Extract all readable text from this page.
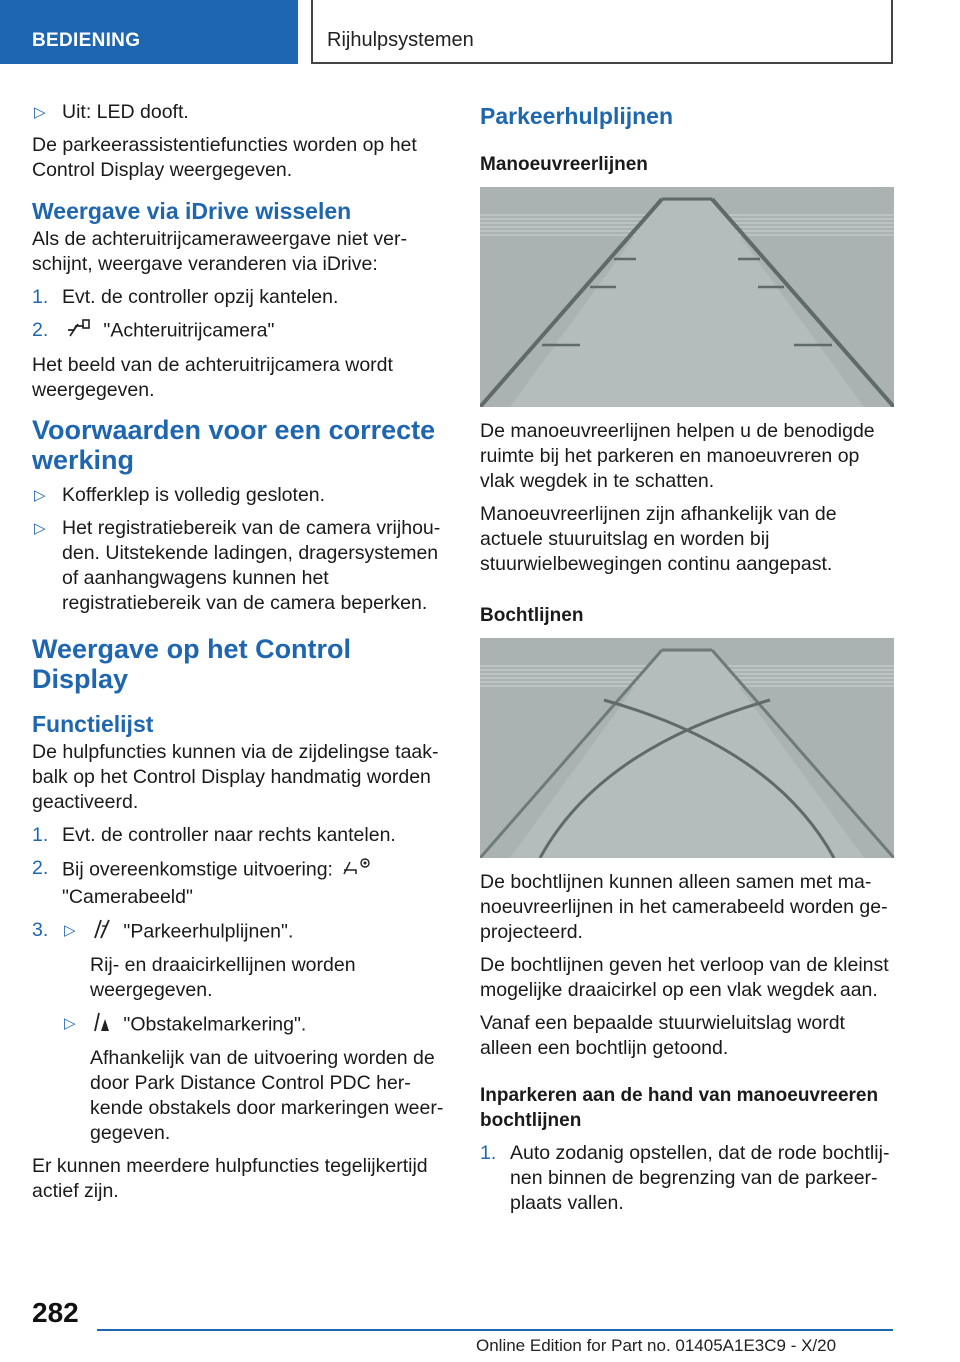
BEDIENING	Rijhulpsystemen
▷ Uit: LED dooft.

De parkeerassistentiefuncties worden op het Control Display weergegeven.

Weergave via iDrive wisselen

Als de achteruitrijcameraweergave niet verschijnt, weergave veranderen via iDrive:

1. Evt. de controller opzij kantelen.
2.	"Achteruitrijcamera"

Het beeld van de achteruitrijcamera wordt weergegeven.

Voorwaarden voor een correcte werking
▷ Kofferklep is volledig gesloten.
▷ Het registratiebereik van de camera vrijhouden. Uitstekende ladingen, dragersystemen of aanhangwagens kunnen het registratiebereik van de camera beperken.
Weergave op het Control Display
Functielijst

De hulpfuncties kunnen via de zijdelingse taakbalk op het Control Display handmatig worden geactiveerd.

1. Evt. de controller naar rechts kantelen.
2. Bij overeenkomstige uitvoering:
"Camerabeeld"
3. ▷ "Parkeerhulplijnen".

Rij- en draaicirkellijnen worden weergegeven.

▷ "Obstakelmarkering".

Afhankelijk van de uitvoering worden de door Park Distance Control PDC herkende obstakels door markeringen weergegeven.

Er kunnen meerdere hulpfuncties tegelijkertijd actief zijn.

Parkeerhulplijnen
Manoeuvreerlijnen

De manoeuvreerlijnen helpen u de benodigde ruimte bij het parkeren en manoeuvreren op vlak wegdek in te schatten.

Manoeuvreerlijnen zijn afhankelijk van de actuele stuuruitslag en worden bij stuurwielbewegingen continu aangepast.

Bochtlijnen

De bochtlijnen kunnen alleen samen met manoeuvreerlijnen in het camerabeeld worden geprojecteerd.

De bochtlijnen geven het verloop van de kleinst mogelijke draaicirkel op een vlak wegdek aan.

Vanaf een bepaalde stuurwieluitslag wordt alleen een bochtlijn getoond.

Inparkeren aan de hand van manoeuvreeren bochtlijnen
1. Auto zodanig opstellen, dat de rode bochtlijnen binnen de begrenzing van de parkeerplaats vallen.
282
Online Edition for Part no. 01405A1E3C9 - X/20
